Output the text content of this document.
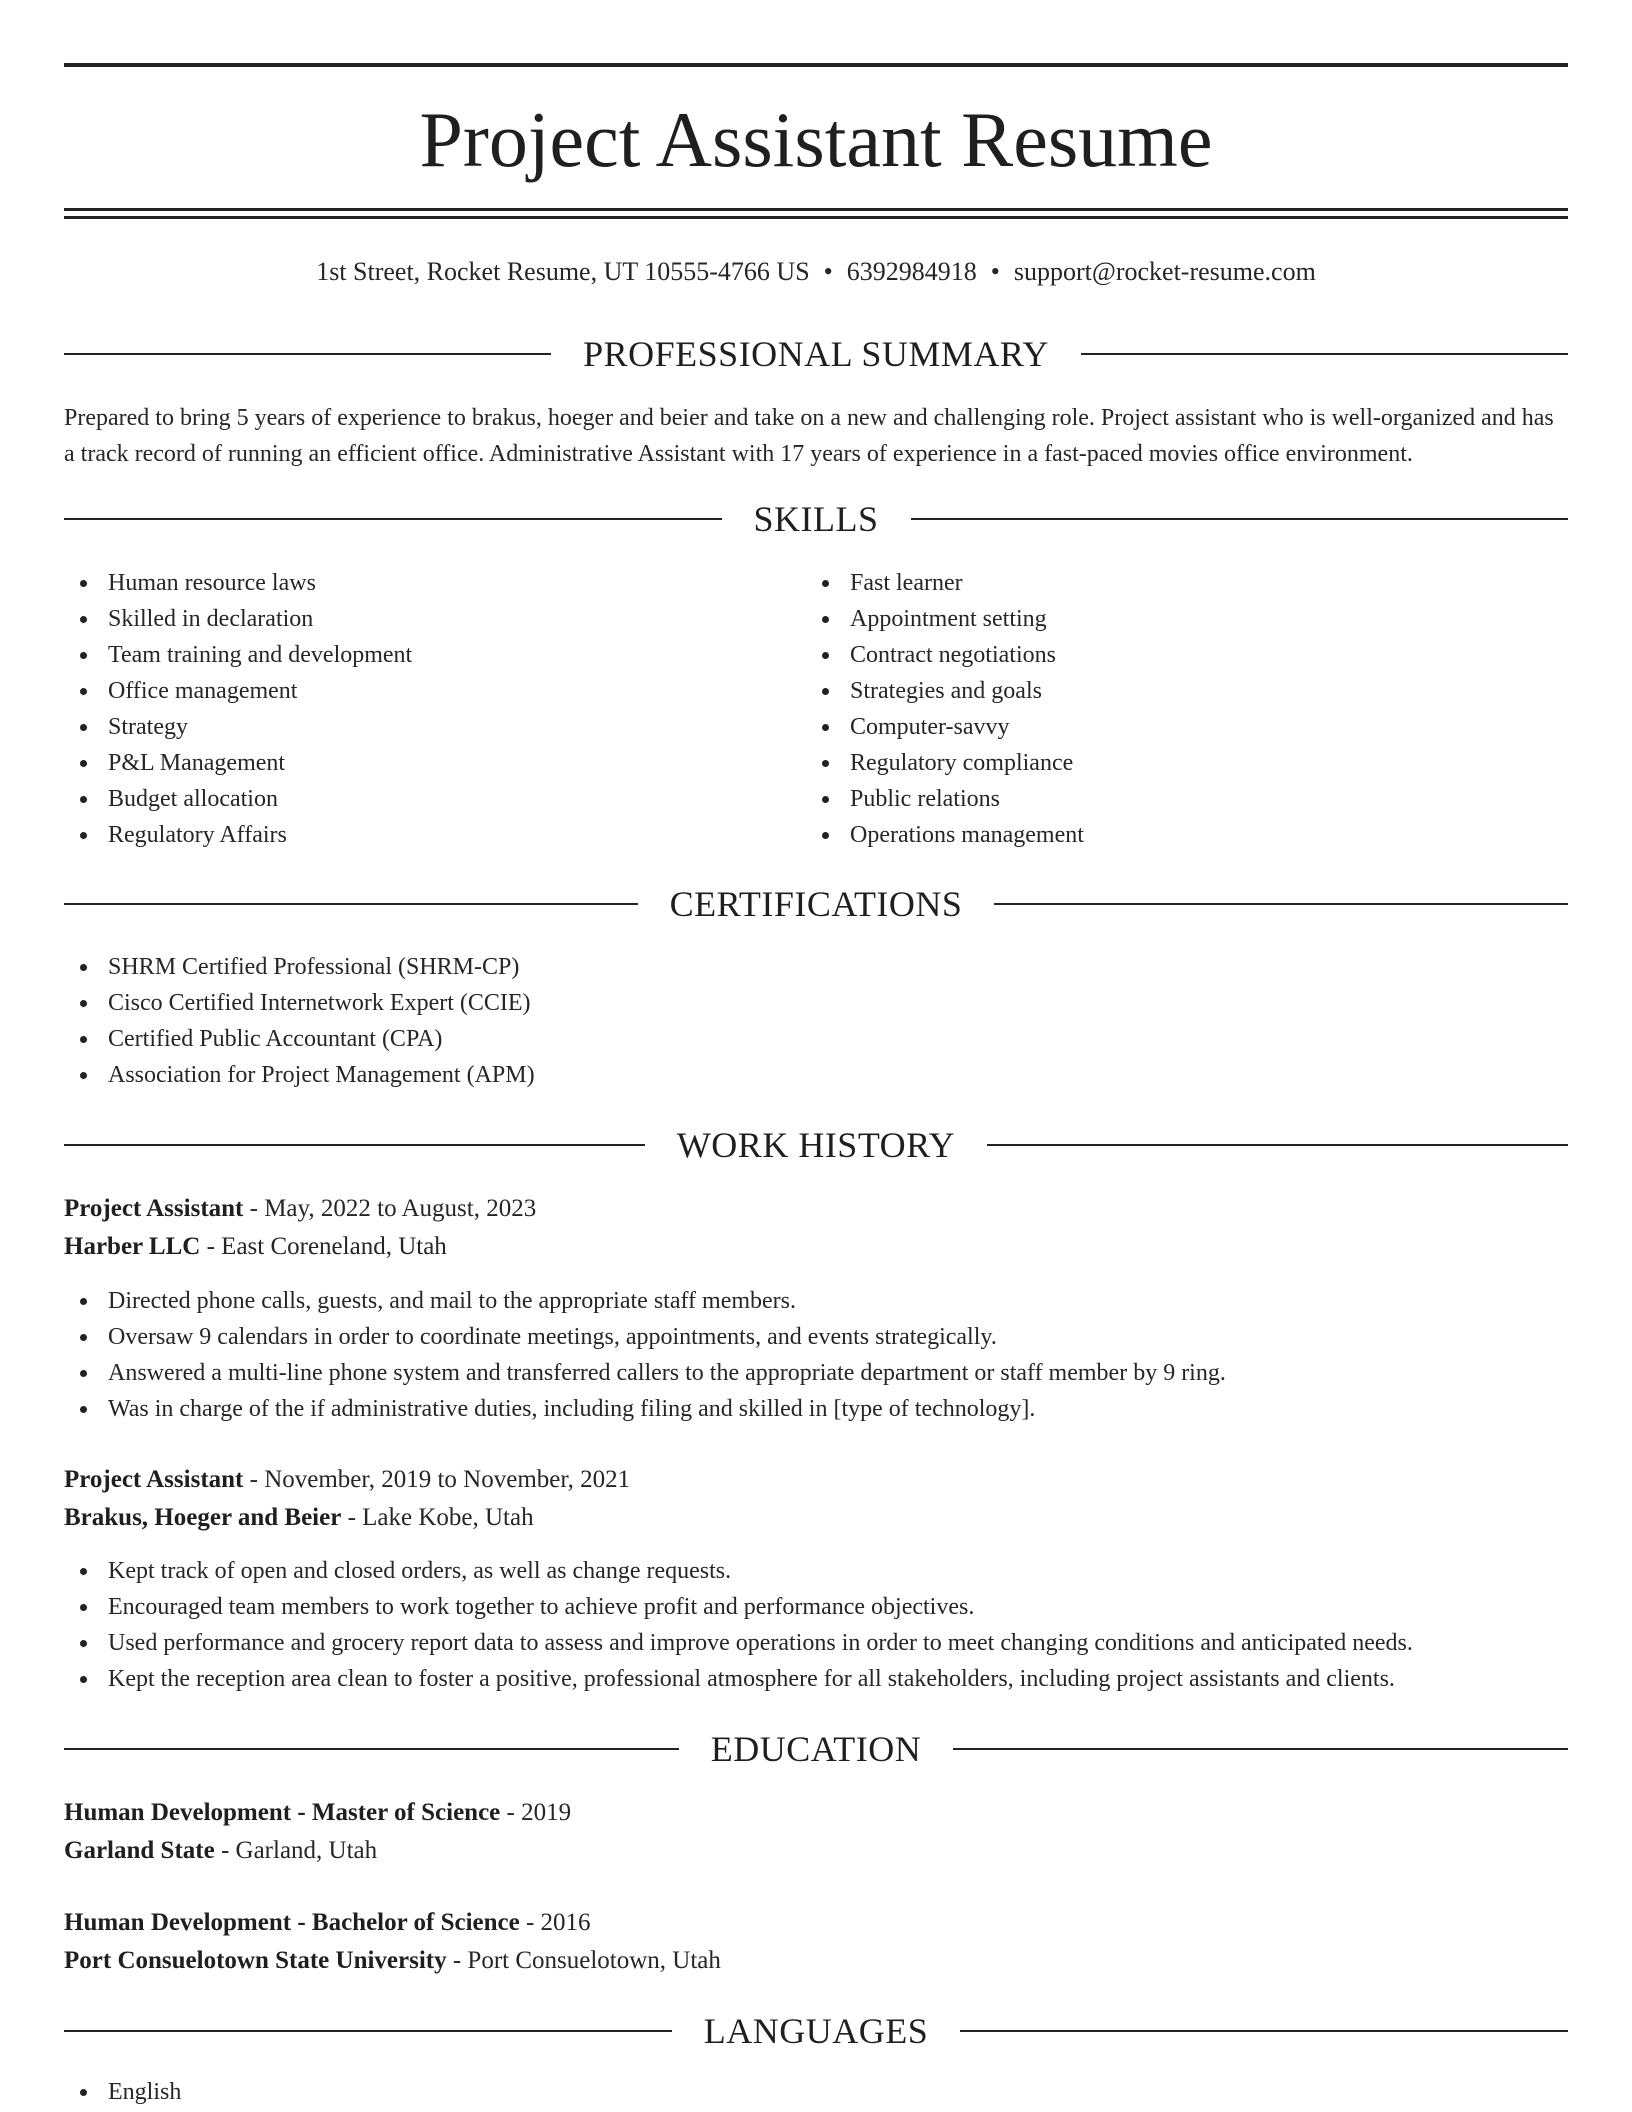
Project Assistant Resume
1st Street, Rocket Resume, UT 10555-4766 US • 6392984918 • support@rocket-resume.com
PROFESSIONAL SUMMARY

Prepared to bring 5 years of experience to brakus, hoeger and beier and take on a new and challenging role. Project assistant who is well-organized and has a track record of running an efficient office. Administrative Assistant with 17 years of experience in a fast-paced movies office environment.

SKILLS
Human resource laws
Skilled in declaration
Team training and development
Office management
Strategy
P&L Management
Budget allocation
Regulatory Affairs
Fast learner
Appointment setting
Contract negotiations
Strategies and goals
Computer-savvy
Regulatory compliance
Public relations
Operations management
CERTIFICATIONS
SHRM Certified Professional (SHRM-CP)
Cisco Certified Internetwork Expert (CCIE)
Certified Public Accountant (CPA)
Association for Project Management (APM)
WORK HISTORY
Project Assistant - May, 2022 to August, 2023
Harber LLC - East Coreneland, Utah
Directed phone calls, guests, and mail to the appropriate staff members.
Oversaw 9 calendars in order to coordinate meetings, appointments, and events strategically.
Answered a multi-line phone system and transferred callers to the appropriate department or staff member by 9 ring.
Was in charge of the if administrative duties, including filing and skilled in [type of technology].
Project Assistant - November, 2019 to November, 2021
Brakus, Hoeger and Beier - Lake Kobe, Utah
Kept track of open and closed orders, as well as change requests.
Encouraged team members to work together to achieve profit and performance objectives.
Used performance and grocery report data to assess and improve operations in order to meet changing conditions and anticipated needs.
Kept the reception area clean to foster a positive, professional atmosphere for all stakeholders, including project assistants and clients.
EDUCATION
Human Development - Master of Science - 2019
Garland State - Garland, Utah
Human Development - Bachelor of Science - 2016
Port Consuelotown State University - Port Consuelotown, Utah
LANGUAGES
English
